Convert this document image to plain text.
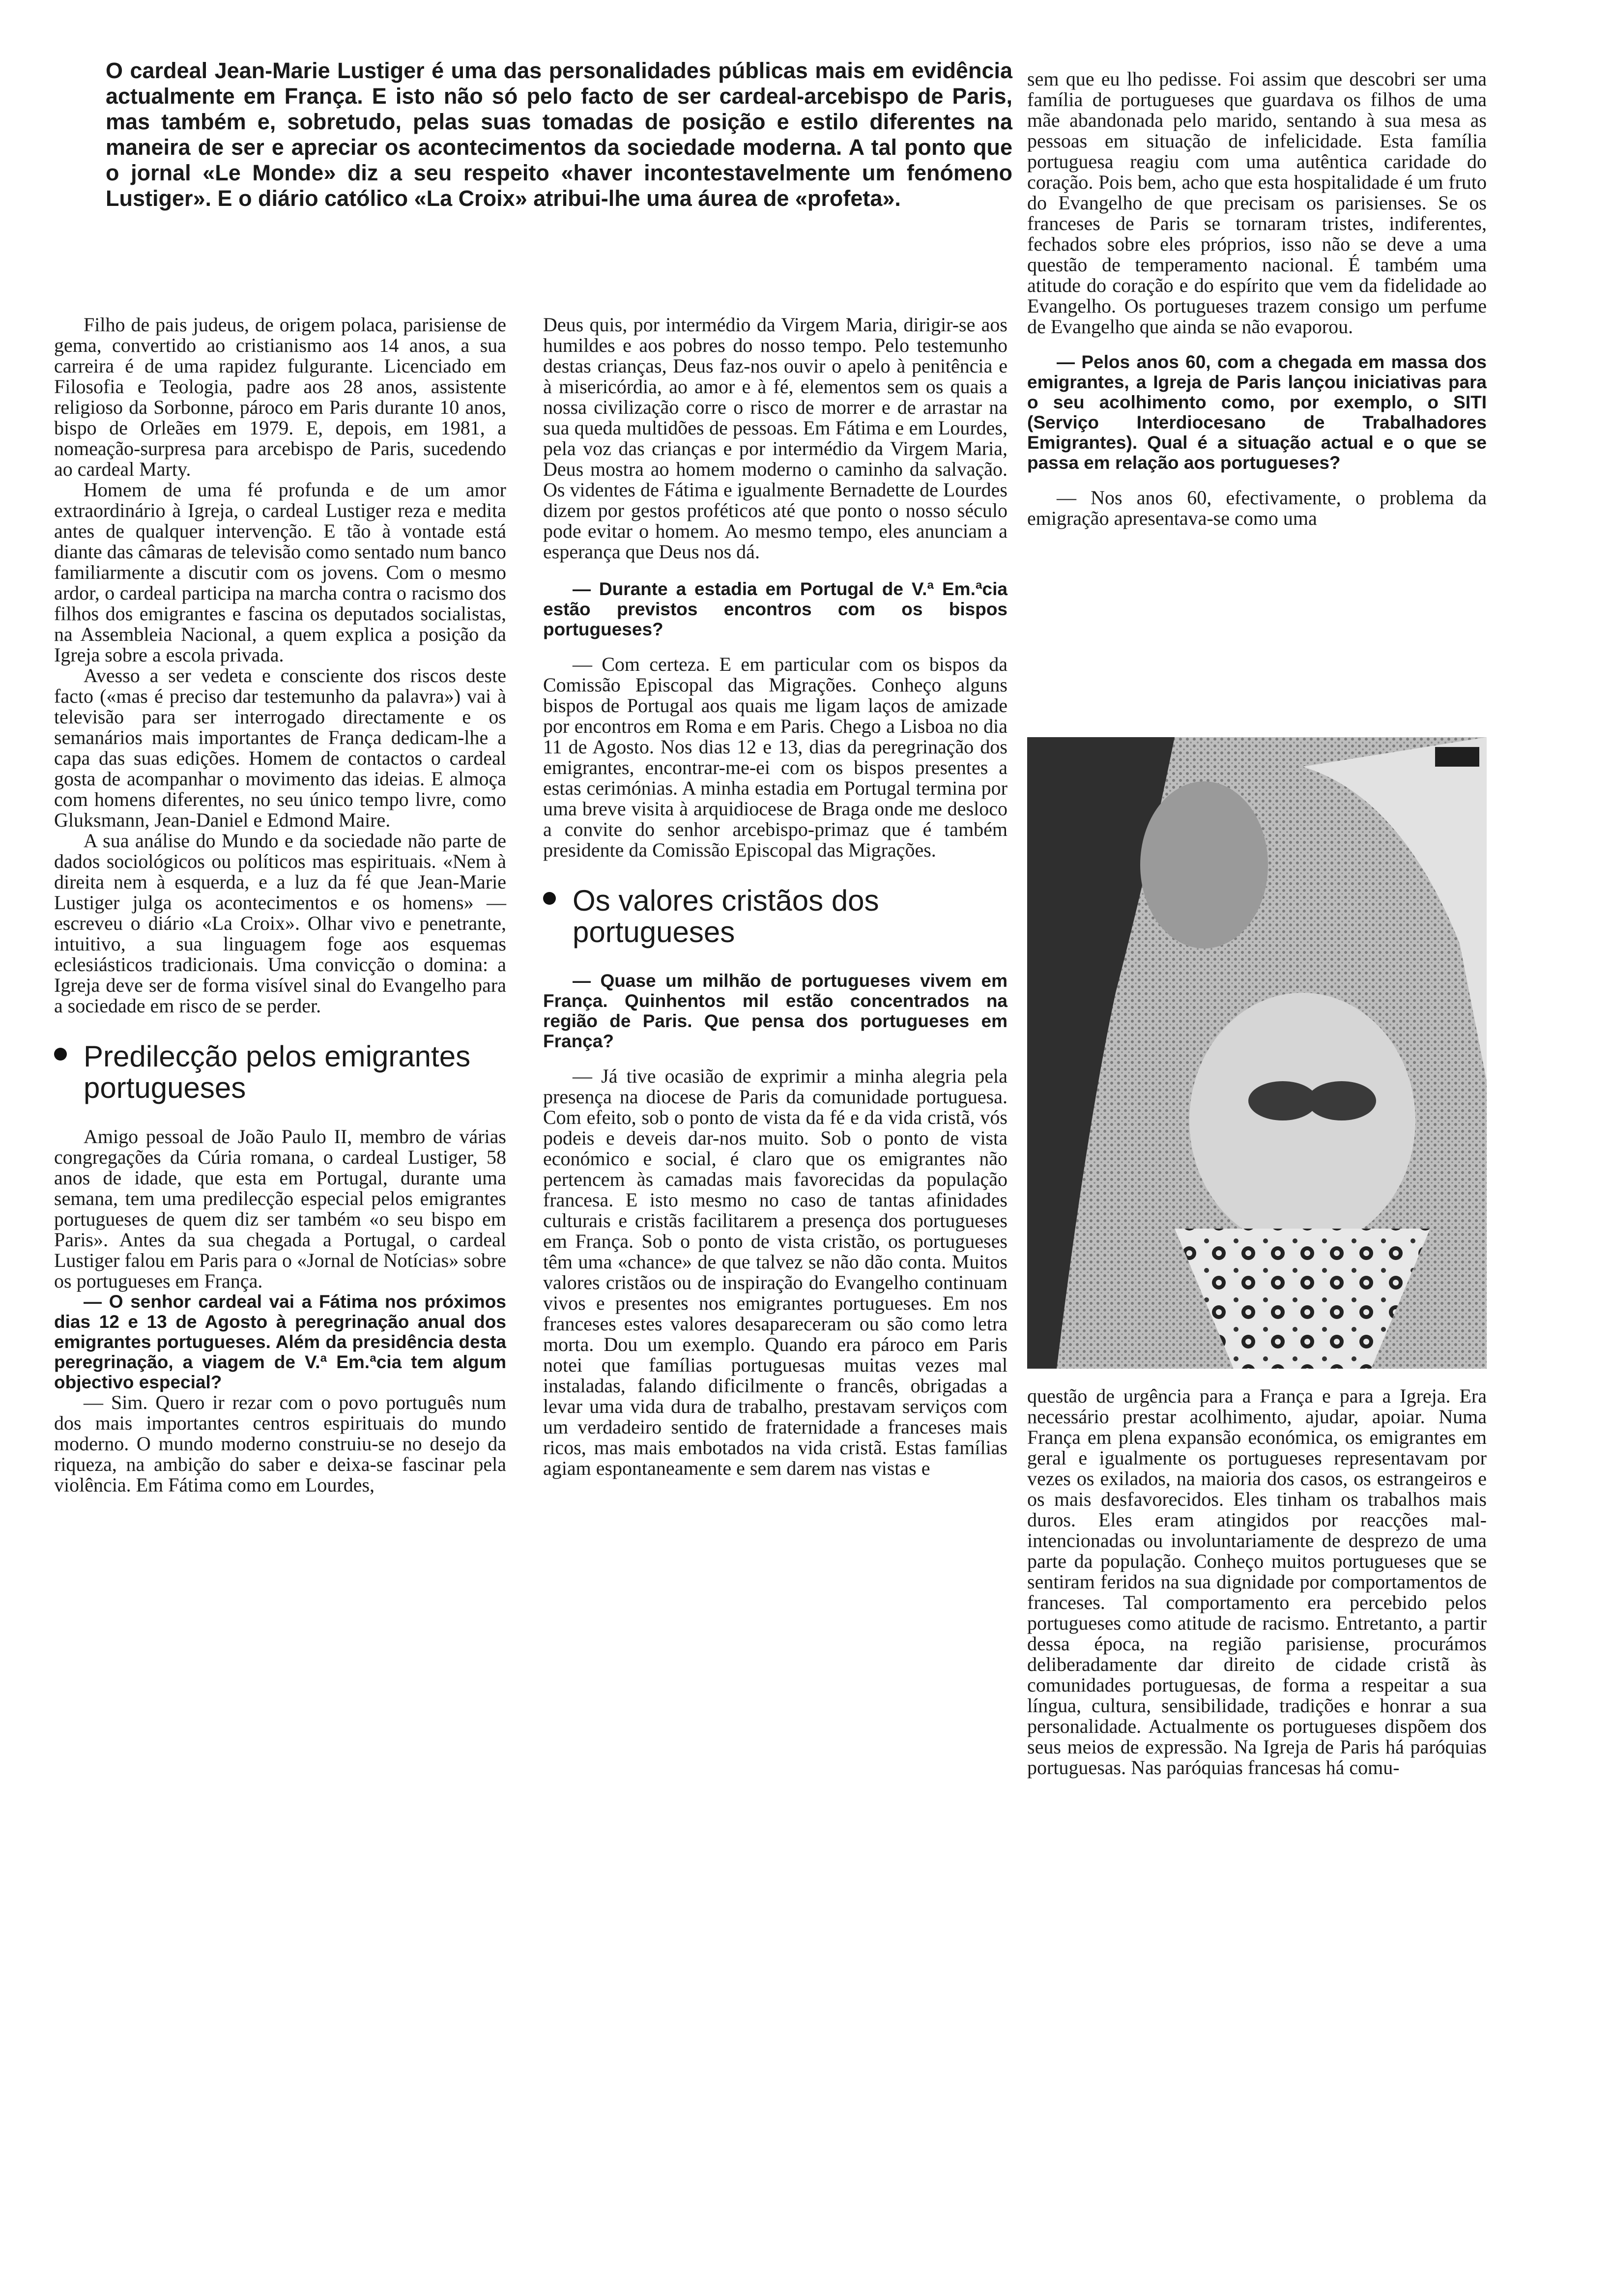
O cardeal Jean-Marie Lustiger é uma das personalidades públicas mais em evidência actualmente em França. E isto não só pelo facto de ser cardeal-arcebispo de Paris, mas também e, sobretudo, pelas suas tomadas de posição e estilo diferentes na maneira de ser e apreciar os acontecimentos da sociedade moderna. A tal ponto que o jornal «Le Monde» diz a seu respeito «haver incontestavelmente um fenómeno Lustiger». E o diário católico «La Croix» atribui-lhe uma áurea de «profeta».

Filho de pais judeus, de origem polaca, parisiense de gema, convertido ao cristianismo aos 14 anos, a sua carreira é de uma rapidez fulgurante. Licenciado em Filosofia e Teologia, padre aos 28 anos, assistente religioso da Sorbonne, pároco em Paris durante 10 anos, bispo de Orleães em 1979. E, depois, em 1981, a nomeação-surpresa para arcebispo de Paris, sucedendo ao cardeal Marty.

Homem de uma fé profunda e de um amor extraordinário à Igreja, o cardeal Lustiger reza e medita antes de qualquer intervenção. E tão à vontade está diante das câmaras de televisão como sentado num banco familiarmente a discutir com os jovens. Com o mesmo ardor, o cardeal participa na marcha contra o racismo dos filhos dos emigrantes e fascina os deputados socialistas, na Assembleia Nacional, a quem explica a posição da Igreja sobre a escola privada.

Avesso a ser vedeta e consciente dos riscos deste facto («mas é preciso dar testemunho da palavra») vai à televisão para ser interrogado directamente e os semanários mais importantes de França dedicam-lhe a capa das suas edições. Homem de contactos o cardeal gosta de acompanhar o movimento das ideias. E almoça com homens diferentes, no seu único tempo livre, como Gluksmann, Jean-Daniel e Edmond Maire.

A sua análise do Mundo e da sociedade não parte de dados sociológicos ou políticos mas espirituais. «Nem à direita nem à esquerda, e a luz da fé que Jean-Marie Lustiger julga os acontecimentos e os homens» — escreveu o diário «La Croix». Olhar vivo e penetrante, intuitivo, a sua linguagem foge aos esquemas eclesiásticos tradicionais. Uma convicção o domina: a Igreja deve ser de forma visível sinal do Evangelho para a sociedade em risco de se perder.

Predilecção pelos emigrantes portugueses

Amigo pessoal de João Paulo II, membro de várias congregações da Cúria romana, o cardeal Lustiger, 58 anos de idade, que esta em Portugal, durante uma semana, tem uma predilecção especial pelos emigrantes portugueses de quem diz ser também «o seu bispo em Paris». Antes da sua chegada a Portugal, o cardeal Lustiger falou em Paris para o «Jornal de Notícias» sobre os portugueses em França.

— O senhor cardeal vai a Fátima nos próximos dias 12 e 13 de Agosto à peregrinação anual dos emigrantes portugueses. Além da presidência desta peregrinação, a viagem de V.ª Em.ªcia tem algum objectivo especial?

— Sim. Quero ir rezar com o povo português num dos mais importantes centros espirituais do mundo moderno. O mundo moderno construiu-se no desejo da riqueza, na ambição do saber e deixa-se fascinar pela violência. Em Fátima como em Lourdes,

Deus quis, por intermédio da Virgem Maria, dirigir-se aos humildes e aos pobres do nosso tempo. Pelo testemunho destas crianças, Deus faz-nos ouvir o apelo à penitência e à misericórdia, ao amor e à fé, elementos sem os quais a nossa civilização corre o risco de morrer e de arrastar na sua queda multidões de pessoas. Em Fátima e em Lourdes, pela voz das crianças e por intermédio da Virgem Maria, Deus mostra ao homem moderno o caminho da salvação. Os videntes de Fátima e igualmente Bernadette de Lourdes dizem por gestos proféticos até que ponto o nosso século pode evitar o homem. Ao mesmo tempo, eles anunciam a esperança que Deus nos dá.

— Durante a estadia em Portugal de V.ª Em.ªcia estão previstos encontros com os bispos portugueses?

— Com certeza. E em particular com os bispos da Comissão Episcopal das Migrações. Conheço alguns bispos de Portugal aos quais me ligam laços de amizade por encontros em Roma e em Paris. Chego a Lisboa no dia 11 de Agosto. Nos dias 12 e 13, dias da peregrinação dos emigrantes, encontrar-me-ei com os bispos presentes a estas cerimónias. A minha estadia em Portugal termina por uma breve visita à arquidiocese de Braga onde me desloco a convite do senhor arcebispo-primaz que é também presidente da Comissão Episcopal das Migrações.

Os valores cristãos dos portugueses

— Quase um milhão de portugueses vivem em França. Quinhentos mil estão concentrados na região de Paris. Que pensa dos portugueses em França?

— Já tive ocasião de exprimir a minha alegria pela presença na diocese de Paris da comunidade portuguesa. Com efeito, sob o ponto de vista da fé e da vida cristã, vós podeis e deveis dar-nos muito. Sob o ponto de vista económico e social, é claro que os emigrantes não pertencem às camadas mais favorecidas da população francesa. E isto mesmo no caso de tantas afinidades culturais e cristãs facilitarem a presença dos portugueses em França. Sob o ponto de vista cristão, os portugueses têm uma «chance» de que talvez se não dão conta. Muitos valores cristãos ou de inspiração do Evangelho continuam vivos e presentes nos emigrantes portugueses. Em nos franceses estes valores desapareceram ou são como letra morta. Dou um exemplo. Quando era pároco em Paris notei que famílias portuguesas muitas vezes mal instaladas, falando dificilmente o francês, obrigadas a levar uma vida dura de trabalho, prestavam serviços com um verdadeiro sentido de fraternidade a franceses mais ricos, mas mais embotados na vida cristã. Estas famílias agiam espontaneamente e sem darem nas vistas e

sem que eu lho pedisse. Foi assim que descobri ser uma família de portugueses que guardava os filhos de uma mãe abandonada pelo marido, sentando à sua mesa as pessoas em situação de infelicidade. Esta família portuguesa reagiu com uma autêntica caridade do coração. Pois bem, acho que esta hospitalidade é um fruto do Evangelho de que precisam os parisienses. Se os franceses de Paris se tornaram tristes, indiferentes, fechados sobre eles próprios, isso não se deve a uma questão de temperamento nacional. É também uma atitude do coração e do espírito que vem da fidelidade ao Evangelho. Os portugueses trazem consigo um perfume de Evangelho que ainda se não evaporou.

— Pelos anos 60, com a chegada em massa dos emigrantes, a Igreja de Paris lançou iniciativas para o seu acolhimento como, por exemplo, o SITI (Serviço Interdiocesano de Trabalhadores Emigrantes). Qual é a situação actual e o que se passa em relação aos portugueses?

— Nos anos 60, efectivamente, o problema da emigração apresentava-se como uma

questão de urgência para a França e para a Igreja. Era necessário prestar acolhimento, ajudar, apoiar. Numa França em plena expansão económica, os emigrantes em geral e igualmente os portugueses representavam por vezes os exilados, na maioria dos casos, os estrangeiros e os mais desfavorecidos. Eles tinham os trabalhos mais duros. Eles eram atingidos por reacções mal-intencionadas ou involuntariamente de desprezo de uma parte da população. Conheço muitos portugueses que se sentiram feridos na sua dignidade por comportamentos de franceses. Tal comportamento era percebido pelos portugueses como atitude de racismo. Entretanto, a partir dessa época, na região parisiense, procurámos deliberadamente dar direito de cidade cristã às comunidades portuguesas, de forma a respeitar a sua língua, cultura, sensibilidade, tradições e honrar a sua personalidade. Actualmente os portugueses dispõem dos seus meios de expressão. Na Igreja de Paris há paróquias portuguesas. Nas paróquias francesas há comu-
